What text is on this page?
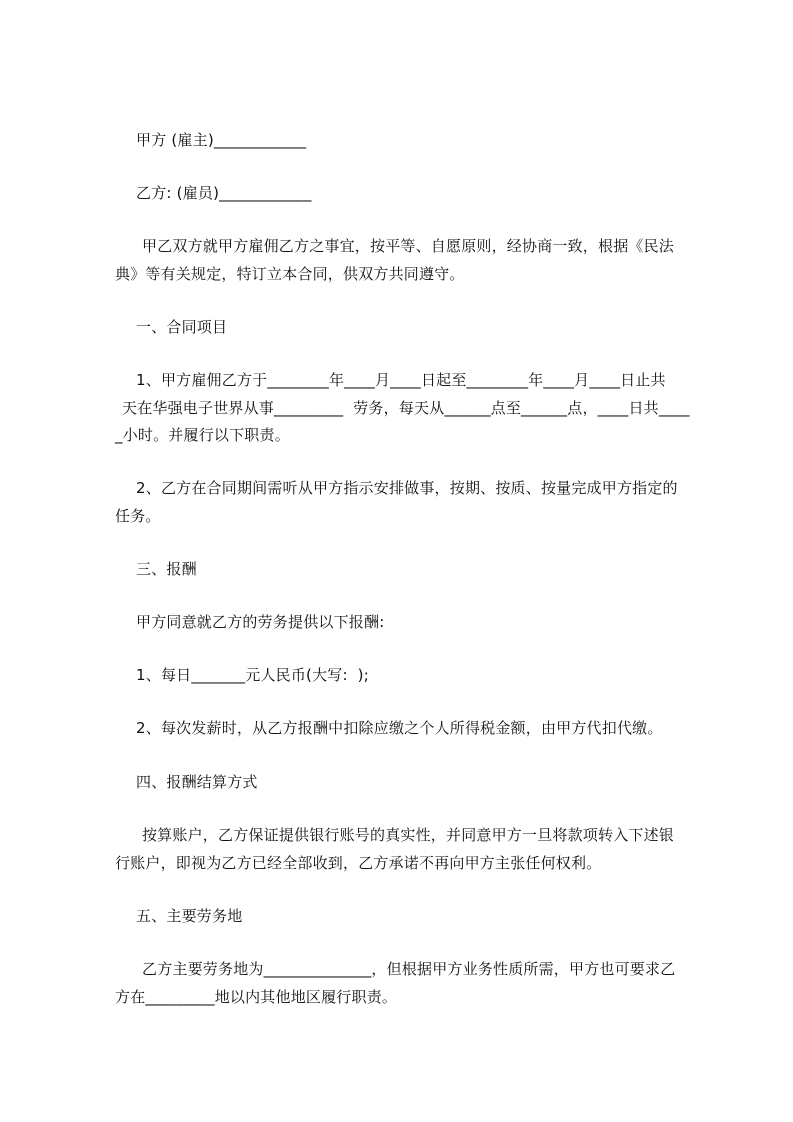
甲方 (雇主)____________
乙方: (雇员)____________
甲乙双方就甲方雇佣乙方之事宜，按平等、自愿原则，经协商一致，根据《民法
典》等有关规定，特订立本合同，供双方共同遵守。
一、合同项目
1、甲方雇佣乙方于________年____月____日起至________年____月____日止共
天在华强电子世界从事_________  劳务，每天从______点至______点，____日共____
_小时。并履行以下职责。
2、乙方在合同期间需听从甲方指示安排做事，按期、按质、按量完成甲方指定的
任务。
三、报酬
甲方同意就乙方的劳务提供以下报酬:
1、每日_______元人民币(大写:  );
2、每次发薪时，从乙方报酬中扣除应缴之个人所得税金额，由甲方代扣代缴。
四、报酬结算方式
按算账户，乙方保证提供银行账号的真实性，并同意甲方一旦将款项转入下述银
行账户，即视为乙方已经全部收到，乙方承诺不再向甲方主张任何权利。
五、主要劳务地
乙方主要劳务地为______________，但根据甲方业务性质所需，甲方也可要求乙
方在_________地以内其他地区履行职责。
